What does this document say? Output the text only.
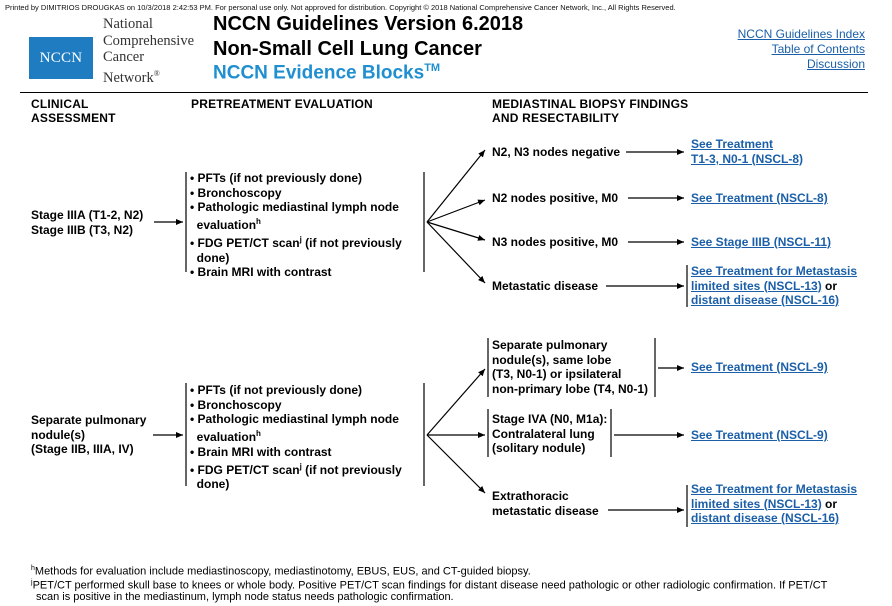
Printed by DIMITRIOS DROUGKAS on 10/3/2018 2:42:53 PM. For personal use only. Not approved for distribution. Copyright © 2018 National Comprehensive Cancer Network, Inc., All Rights Reserved.
NCCN
National
Comprehensive
Cancer
Network®
NCCN Guidelines Version 6.2018
Non-Small Cell Lung Cancer
NCCN Evidence Blocks™
NCCN Guidelines Index
Table of Contents
Discussion
CLINICAL
ASSESSMENT
PRETREATMENT EVALUATION	MEDIASTINAL BIOPSY FINDINGS
AND RESECTABILITY
Stage IIIA (T1-2, N2)
Stage IIIB (T3, N2)
• PFTs (if not previously done)
• Bronchoscopy
• Pathologic mediastinal lymph node
evaluation$^h$
• FDG PET/CT scan$^j$ (if not previously
done)
• Brain MRI with contrast
N2, N3 nodes negative
See Treatment
T1-3, N0-1 (NSCL-8)
N2 nodes positive, M0	See Treatment (NSCL-8)
N3 nodes positive, M0	See Stage IIIB (NSCL-11)
Metastatic disease
See Treatment for Metastasis
limited sites (NSCL-13) or
distant disease (NSCL-16)
Separate pulmonary
nodule(s)
(Stage IIB, IIIA, IV)
• PFTs (if not previously done)
• Bronchoscopy
• Pathologic mediastinal lymph node
evaluation$^h$
• Brain MRI with contrast
• FDG PET/CT scan$^j$ (if not previously
done)
Separate pulmonary
nodule(s), same lobe
(T3, N0-1) or ipsilateral
non-primary lobe (T4, N0-1)
See Treatment (NSCL-9)
Stage IVA (N0, M1a):
Contralateral lung
(solitary nodule)
See Treatment (NSCL-9)
Extrathoracic
metastatic disease
See Treatment for Metastasis
limited sites (NSCL-13) or
distant disease (NSCL-16)
$^h$Methods for evaluation include mediastinoscopy, mediastinotomy, EBUS, EUS, and CT-guided biopsy.
$^j$PET/CT performed skull base to knees or whole body. Positive PET/CT scan findings for distant disease need pathologic or other radiologic confirmation. If PET/CT
scan is positive in the mediastinum, lymph node status needs pathologic confirmation.
